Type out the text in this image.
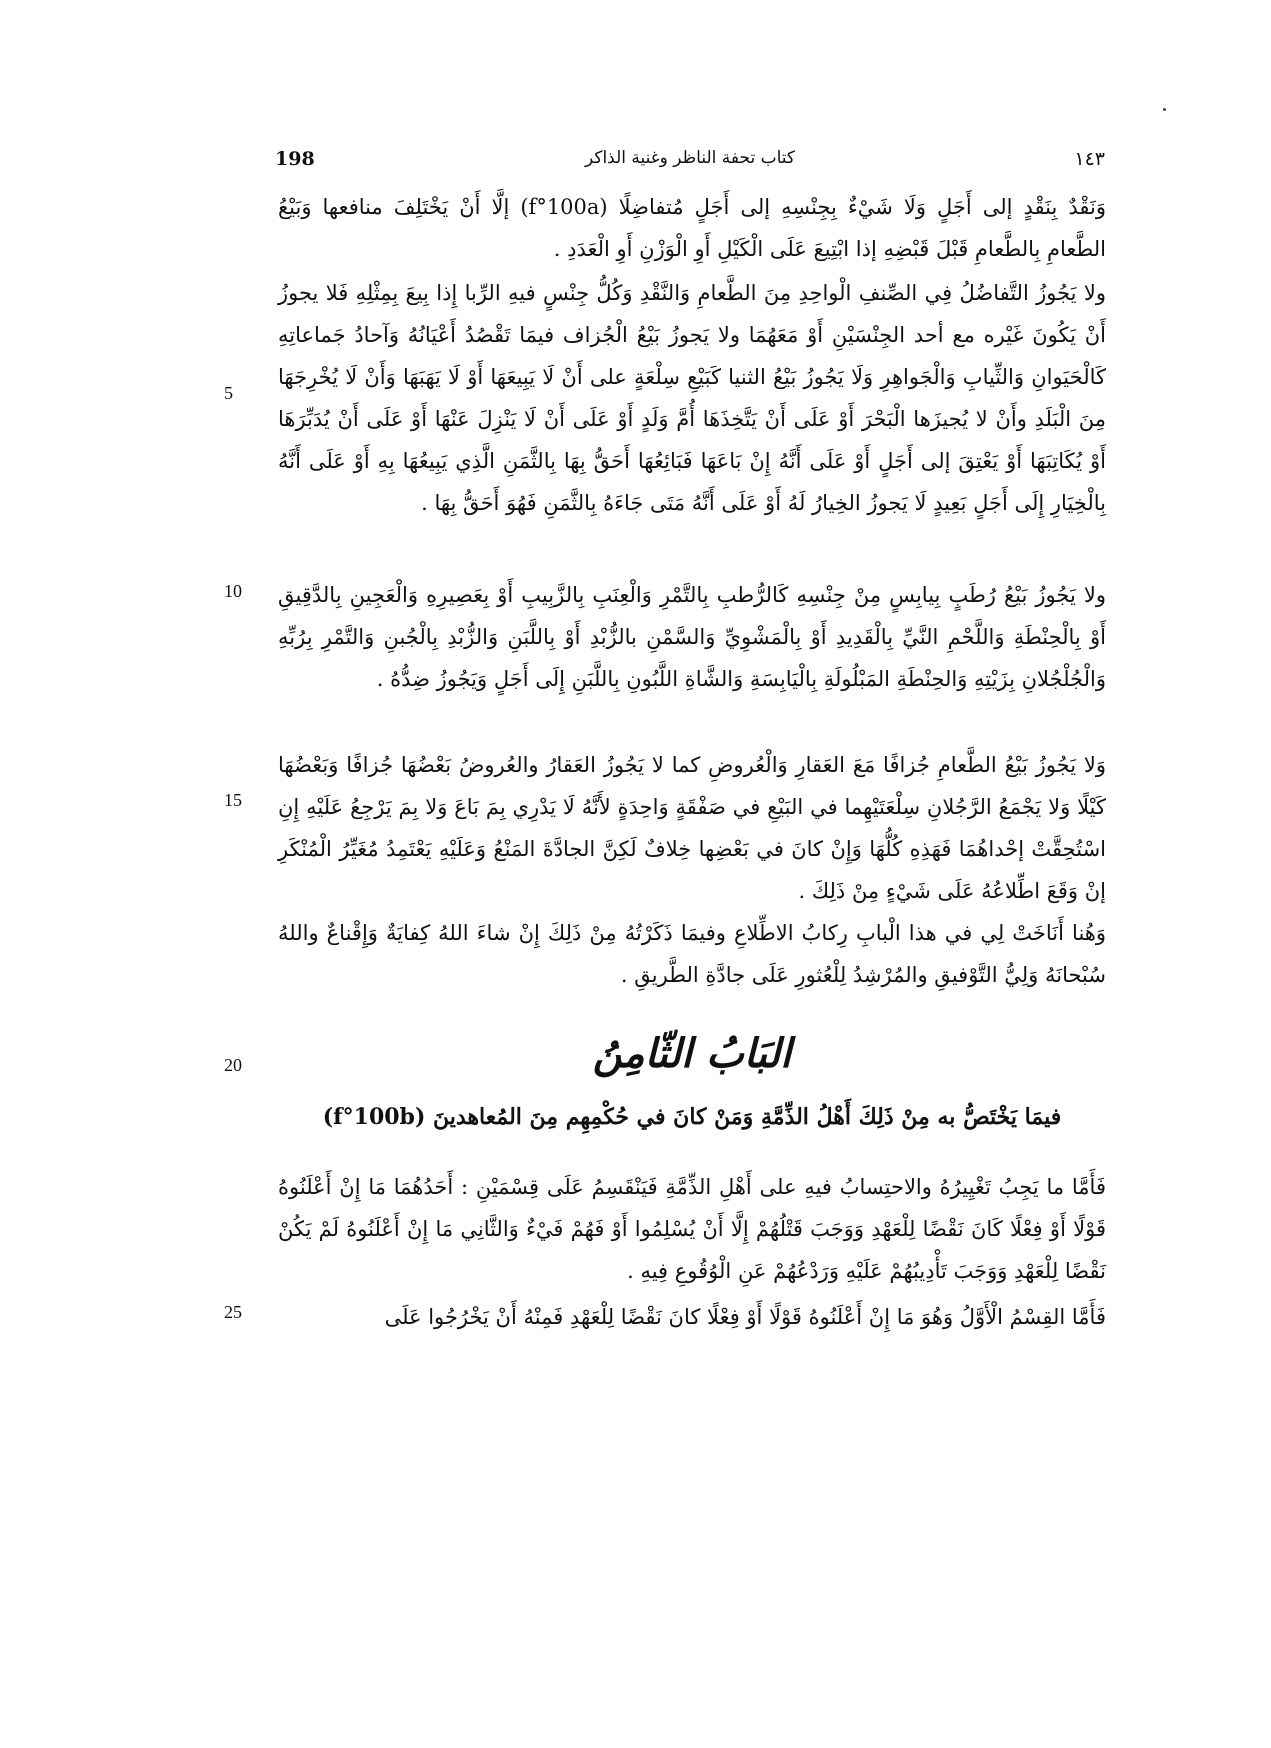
198	كتاب تحفة الناظر وغنية الذاكر	١٤٣

وَنَقْدٌ بِنَقْدٍ إلى أَجَلٍ وَلَا شَيْءٌ بِجِنْسِهِ إلى أَجَلٍ مُتفاضِلًا (f°100a) إلَّا أَنْ يَخْتَلِفَ منافعها وَبَيْعُ الطَّعامِ بِالطَّعامِ قَبْلَ قَبْضِهِ إذا ابْتِيعَ عَلَى الْكَيْلِ أَوِ الْوَزْنِ أَوِ الْعَدَدِ .

ولا يَجُوزُ التَّفاضُلُ فِي الصِّنفِ الْواحِدِ مِنَ الطَّعامِ وَالنَّقْدِ وَكُلُّ جِنْسٍ فيهِ الرِّبا إِذا بِيعَ بِمِثْلِهِ فَلا يجوزُ أَنْ يَكُونَ غَيْره مع أحد الجِنْسَيْنِ أَوْ مَعَهُمَا ولا يَجوزُ بَيْعُ الْجُزاف فيمَا تَقْصُدُ أَعْيَانُهُ وَآحادُ جَماعاتِهِ كَالْحَيَوانِ وَالثِّيابِ وَالْجَواهِرِ وَلَا يَجُوزُ بَيْعُ الثنيا كَبَيْعِ سِلْعَةٍ على أَنْ لَا يَبِيعَهَا أَوْ لَا يَهَبَهَا وَأَنْ لَا يُخْرِجَهَا مِنَ الْبَلَدِ وأَنْ لا يُجيزَها الْبَحْرَ أَوْ عَلَى أَنْ يَتَّخِذَهَا أُمَّ وَلَدٍ أَوْ عَلَى أَنْ لَا يَنْزِلَ عَنْهَا أَوْ عَلَى أَنْ يُدَبِّرَهَا أَوْ يُكَاتِبَهَا أَوْ يَعْتِقَ إلى أَجَلٍ أَوْ عَلَى أَنَّهُ إِنْ بَاعَهَا فَبَائِعُهَا أَحَقُّ بِهَا بِالثَّمَنِ الَّذِي يَبِيعُهَا بِهِ أَوْ عَلَى أَنَّهُ بِالْخِيَارِ إِلَى أَجَلٍ بَعِيدٍ لَا يَجوزُ الخِيارُ لَهُ أَوْ عَلَى أَنَّهُ مَتَى جَاءَهُ بِالثَّمَنِ فَهُوَ أَحَقُّ بِهَا .

ولا يَجُوزُ بَيْعُ رُطَبٍ بِيابِسٍ مِنْ جِنْسِهِ كَالرُّطبِ بِالتَّمْرِ وَالْعِنَبِ بِالزَّبِيبِ أَوْ بِعَصِيرِهِ وَالْعَجِينِ بِالدَّقِيقِ أَوْ بِالْحِنْطَةِ وَاللَّحْمِ النَّيِّ بِالْقَدِيدِ أَوْ بِالْمَشْوِيِّ وَالسَّمْنِ بالزُّبْدِ أَوْ بِاللَّبَنِ وَالزُّبْدِ بِالْجُبنِ وَالتَّمْرِ بِرُبِّهِ وَالْجُلْجُلانِ بِزَيْتِهِ وَالحِنْطَةِ المَبْلُولَةِ بِالْيَابِسَةِ وَالشَّاةِ اللَّبُونِ بِاللَّبَنِ إِلَى أَجَلٍ وَيَجُوزُ ضِدُّهُ .

وَلا يَجُوزُ بَيْعُ الطَّعامِ جُزافًا مَعَ العَقارِ وَالْعُروضِ كما لا يَجُوزُ العَقارُ والعُروضُ بَعْضُهَا جُزافًا وَبَعْضُهَا كَيْلًا وَلا يَجْمَعُ الرَّجُلانِ سِلْعَتَيْهِما في البَيْعِ في صَفْقَةٍ وَاحِدَةٍ لأَنَّهُ لَا يَدْرِي بِمَ بَاعَ وَلا بِمَ يَرْجِعُ عَلَيْهِ إِنِ اسْتُحِقَّتْ إحْداهُمَا فَهَذِهِ كُلُّهَا وَإِنْ كانَ في بَعْضِها خِلافٌ لَكِنَّ الجادَّةَ المَنْعُ وَعَلَيْهِ يَعْتَمِدُ مُغَيِّرُ الْمُنْكَرِ إنْ وَقَعَ اطِّلاعُهُ عَلَى شَيْءٍ مِنْ ذَلِكَ .

وَهُنا أَنَاخَتْ لِي في هذا الْبابِ رِكابُ الاطِّلاعِ وفيمَا ذَكَرْتُهُ مِنْ ذَلِكَ إِنْ شاءَ اللهُ كِفايَةٌ وَإِقْناعٌ واللهُ سُبْحانَهُ وَلِيُّ التَّوْفيقِ والمُرْشِدُ لِلْعُثورِ عَلَى جادَّةِ الطَّريقِ .

البَابُ الثّامِنُ
فيمَا يَخْتَصُّ به مِنْ ذَلِكَ أَهْلُ الذِّمَّةِ وَمَنْ كانَ في حُكْمِهِم مِنَ المُعاهدينَ (f°100b)

فَأَمَّا ما يَجِبُ تَغْيِيرُهُ والاحتِسابُ فيهِ على أَهْلِ الذِّمَّةِ فَيَنْقَسِمُ عَلَى قِسْمَيْنِ : أَحَدُهُمَا مَا إِنْ أَعْلَنُوهُ قَوْلًا أَوْ فِعْلًا كَانَ نَقْضًا لِلْعَهْدِ وَوَجَبَ قَتْلُهُمْ إِلَّا أَنْ يُسْلِمُوا أَوْ فَهُمْ فَيْءٌ وَالثَّانِي مَا إِنْ أَعْلَنُوهُ لَمْ يَكُنْ نَقْضًا لِلْعَهْدِ وَوَجَبَ تَأْدِيبُهُمْ عَلَيْهِ وَرَدْعُهُمْ عَنِ الْوُقُوعِ فِيهِ .

فَأَمَّا القِسْمُ الْأَوَّلُ وَهُوَ مَا إِنْ أَعْلَنُوهُ قَوْلًا أَوْ فِعْلًا كانَ نَقْضًا لِلْعَهْدِ فَمِنْهُ أَنْ يَخْرُجُوا عَلَى

5
10
15
20
25
